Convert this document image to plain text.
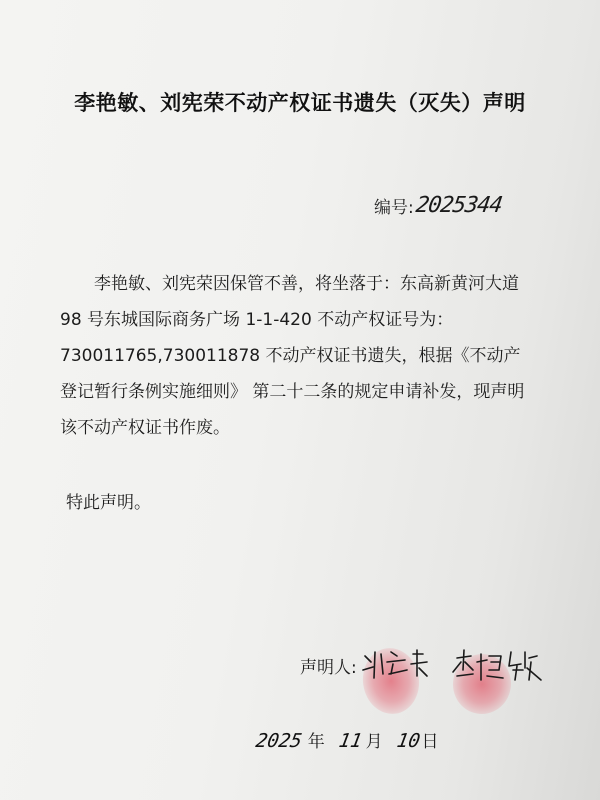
李艳敏、刘宪荣不动产权证书遗失（灭失）声明
编号: 2025344
李艳敏、刘宪荣因保管不善，将坐落于：东高新黄河大道 98 号东城国际商务广场 1-1-420 不动产权证号为：730011765,730011878 不动产权证书遗失，根据《不动产登记暂行条例实施细则》 第二十二条的规定申请补发，现声明该不动产权证书作废。
特此声明。
声明人:
2025 年 11 月 10 日
